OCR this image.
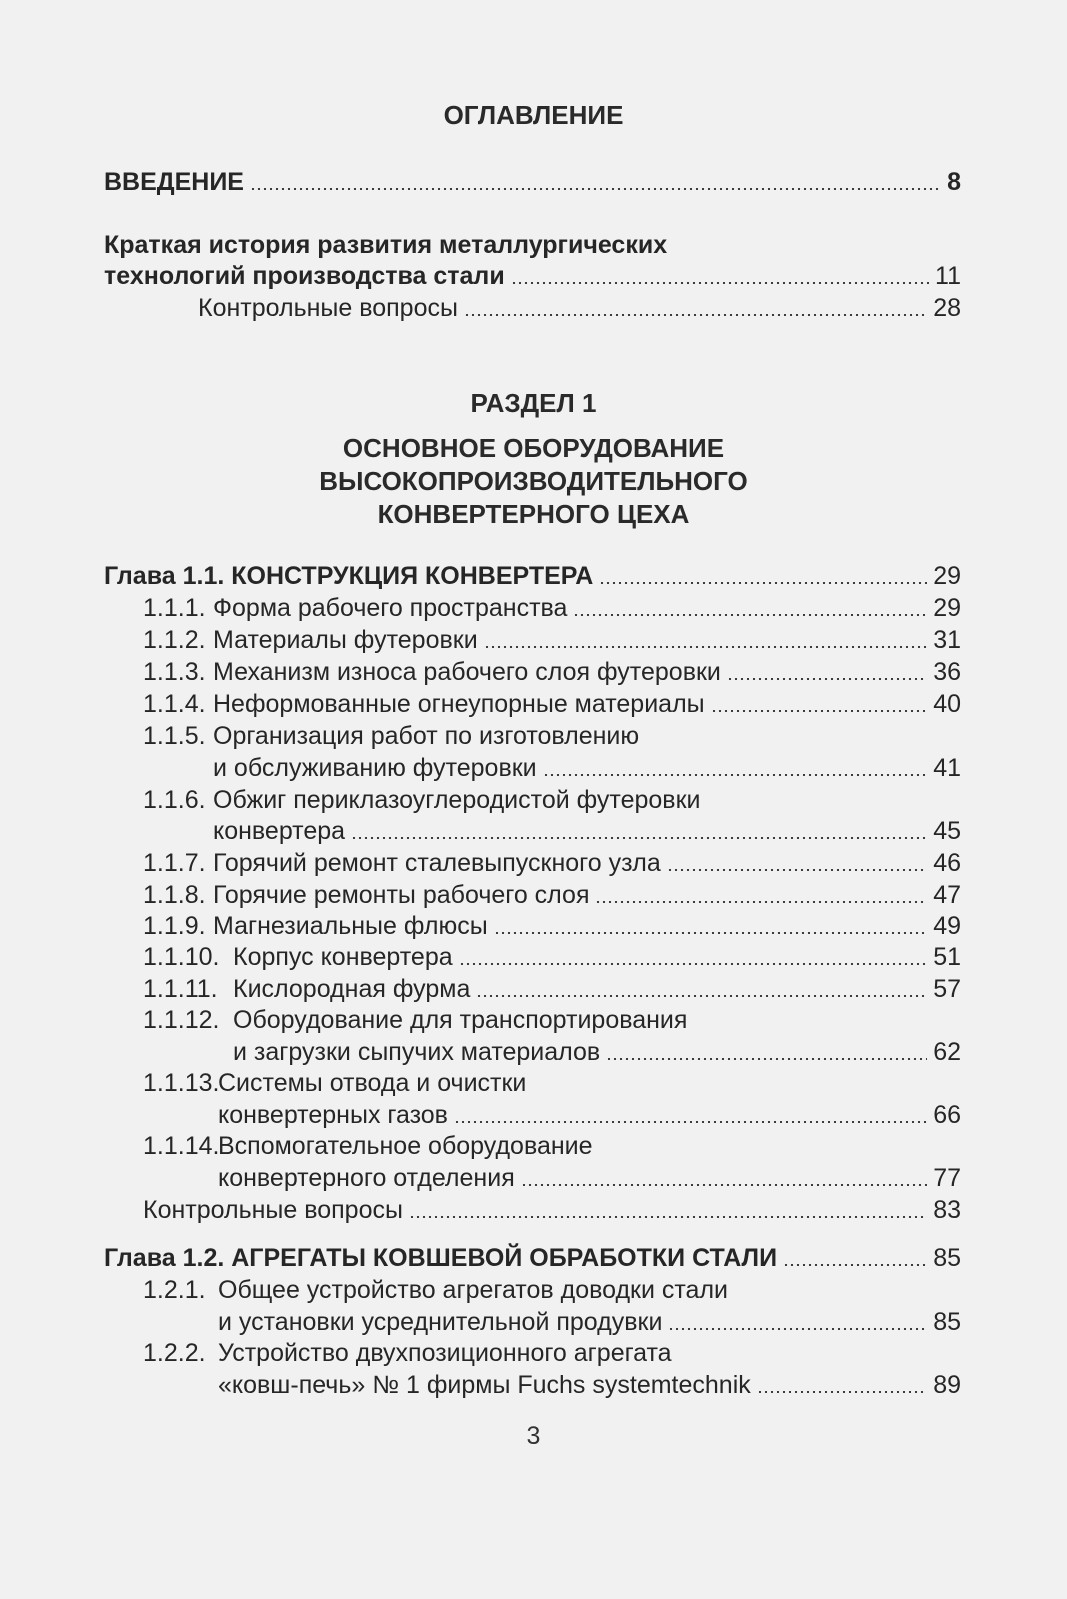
ОГЛАВЛЕНИЕ
ВВЕДЕНИЕ	8
Краткая история развития металлургических
технологий производства стали	11
Контрольные вопросы	28
РАЗДЕЛ 1
ОСНОВНОЕ ОБОРУДОВАНИЕ
ВЫСОКОПРОИЗВОДИТЕЛЬНОГО
КОНВЕРТЕРНОГО ЦЕХА
Глава 1.1. КОНСТРУКЦИЯ КОНВЕРТЕРА	29
1.1.1. Форма рабочего пространства	29
1.1.2. Материалы футеровки	31
1.1.3. Механизм износа рабочего слоя футеровки	36
1.1.4. Неформованные огнеупорные материалы	40
1.1.5. Организация работ по изготовлению
и обслуживанию футеровки	41
1.1.6. Обжиг периклазоуглеродистой футеровки
конвертера	45
1.1.7. Горячий ремонт сталевыпускного узла	46
1.1.8. Горячие ремонты рабочего слоя	47
1.1.9. Магнезиальные флюсы	49
1.1.10. Корпус конвертера	51
1.1.11. Кислородная фурма	57
1.1.12. Оборудование для транспортирования
и загрузки сыпучих материалов	62
1.1.13.Системы отвода и очистки
конвертерных газов	66
1.1.14.Вспомогательное оборудование
конвертерного отделения	77
Контрольные вопросы	83
Глава 1.2. АГРЕГАТЫ КОВШЕВОЙ ОБРАБОТКИ СТАЛИ	85
1.2.1. Общее устройство агрегатов доводки стали
и установки усреднительной продувки	85
1.2.2. Устройство двухпозиционного агрегата
«ковш-печь» № 1 фирмы Fuchs systemtechnik	89
3
